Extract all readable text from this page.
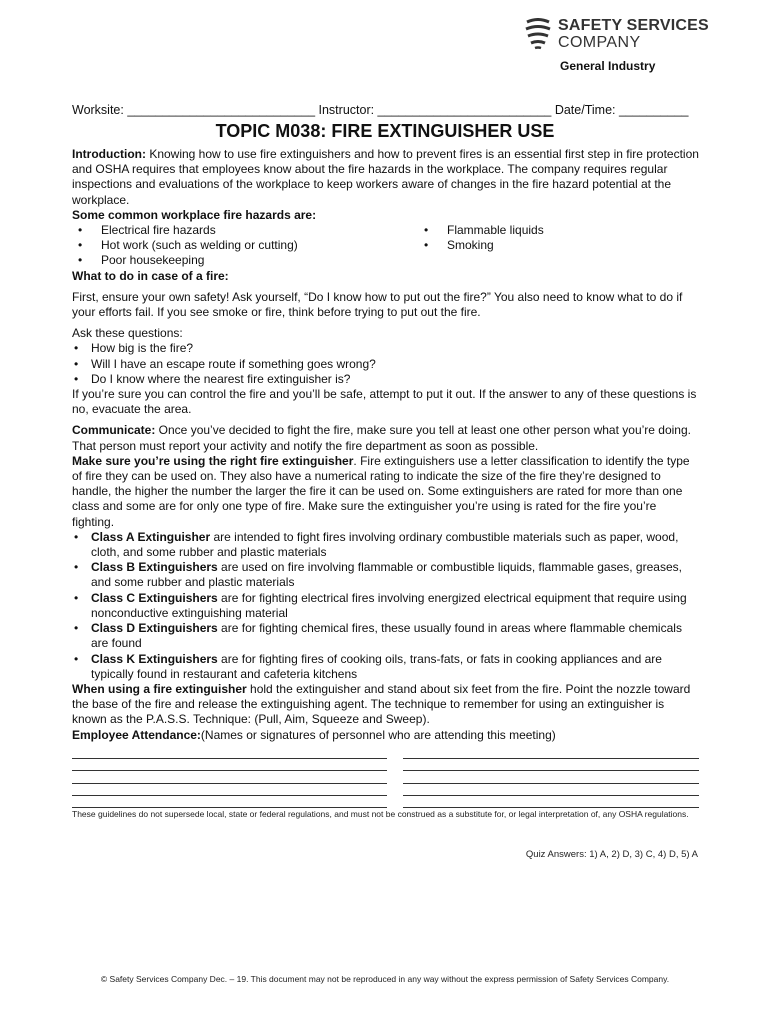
SAFETY SERVICES
COMPANY
General Industry
Worksite: ___________________________ Instructor: _________________________ Date/Time: __________
TOPIC M038: FIRE EXTINGUISHER USE

Introduction: Knowing how to use fire extinguishers and how to prevent fires is an essential first step in fire protection and OSHA requires that employees know about the fire hazards in the workplace. The company requires regular inspections and evaluations of the workplace to keep workers aware of changes in the fire hazard potential at the workplace.

Some common workplace fire hazards are:

• Electrical fire hazards
• Hot work (such as welding or cutting)
• Poor housekeeping
• Flammable liquids
• Smoking

What to do in case of a fire:

First, ensure your own safety! Ask yourself, “Do I know how to put out the fire?” You also need to know what to do if your efforts fail. If you see smoke or fire, think before trying to put out the fire.

Ask these questions:

• How big is the fire?
• Will I have an escape route if something goes wrong?
• Do I know where the nearest fire extinguisher is?

If you’re sure you can control the fire and you’ll be safe, attempt to put it out. If the answer to any of these questions is no, evacuate the area.

Communicate: Once you’ve decided to fight the fire, make sure you tell at least one other person what you’re doing. That person must report your activity and notify the fire department as soon as possible.

Make sure you’re using the right fire extinguisher. Fire extinguishers use a letter classification to identify the type of fire they can be used on. They also have a numerical rating to indicate the size of the fire they’re designed to handle, the higher the number the larger the fire it can be used on. Some extinguishers are rated for more than one class and some are for only one type of fire. Make sure the extinguisher you’re using is rated for the fire you’re fighting.

• Class A Extinguisher are intended to fight fires involving ordinary combustible materials such as paper, wood, cloth, and some rubber and plastic materials
• Class B Extinguishers are used on fire involving flammable or combustible liquids, flammable gases, greases, and some rubber and plastic materials
• Class C Extinguishers are for fighting electrical fires involving energized electrical equipment that require using nonconductive extinguishing material
• Class D Extinguishers are for fighting chemical fires, these usually found in areas where flammable chemicals are found
• Class K Extinguishers are for fighting fires of cooking oils, trans-fats, or fats in cooking appliances and are typically found in restaurant and cafeteria kitchens

When using a fire extinguisher hold the extinguisher and stand about six feet from the fire. Point the nozzle toward the base of the fire and release the extinguishing agent. The technique to remember for using an extinguisher is known as the P.A.S.S. Technique: (Pull, Aim, Squeeze and Sweep).

Employee Attendance:(Names or signatures of personnel who are attending this meeting)

These guidelines do not supersede local, state or federal regulations, and must not be construed as a substitute for, or legal interpretation of, any OSHA regulations.

Quiz Answers: 1) A, 2) D, 3) C, 4) D, 5) A
© Safety Services Company Dec. – 19. This document may not be reproduced in any way without the express permission of Safety Services Company.
